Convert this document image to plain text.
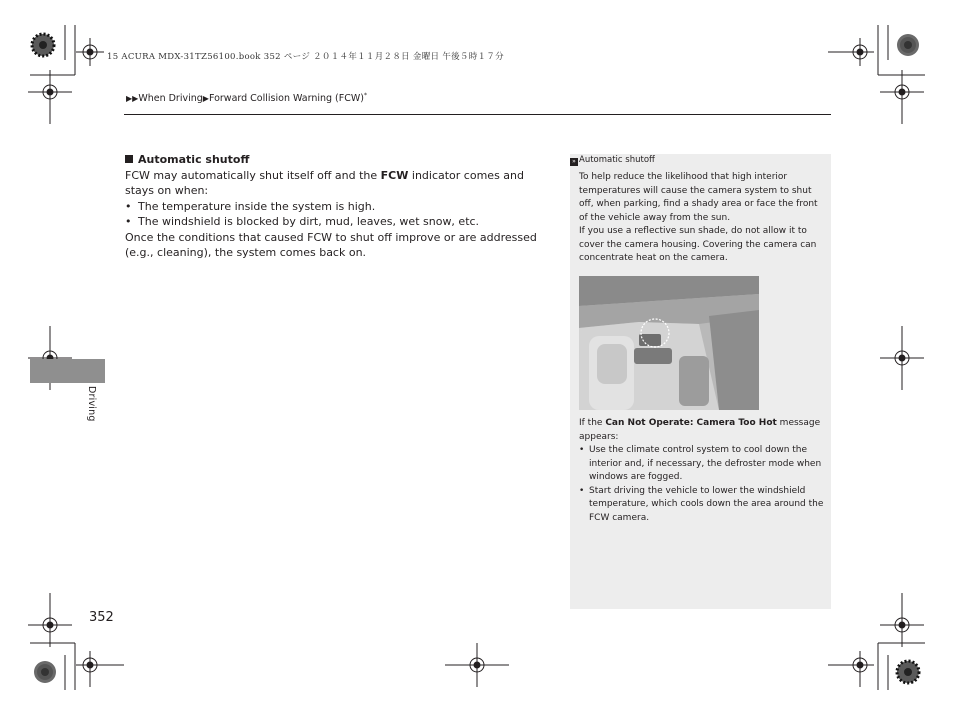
15 ACURA MDX-31TZ56100.book 352 ページ ２０１４年１１月２８日 金曜日 午後５時１７分
▶▶When Driving▶Forward Collision Warning (FCW)*
Driving
Automatic shutoff

FCW may automatically shut itself off and the FCW indicator comes and stays on when:

• The temperature inside the system is high.
• The windshield is blocked by dirt, mud, leaves, wet snow, etc.

Once the conditions that caused FCW to shut off improve or are addressed (e.g., cleaning), the system comes back on.

» Automatic shutoff

To help reduce the likelihood that high interior temperatures will cause the camera system to shut off, when parking, find a shady area or face the front of the vehicle away from the sun.

If you use a reflective sun shade, do not allow it to cover the camera housing. Covering the camera can concentrate heat on the camera.

If the Can Not Operate: Camera Too Hot message appears:

• Use the climate control system to cool down the interior and, if necessary, the defroster mode when windows are fogged.
• Start driving the vehicle to lower the windshield temperature, which cools down the area around the FCW camera.
352
